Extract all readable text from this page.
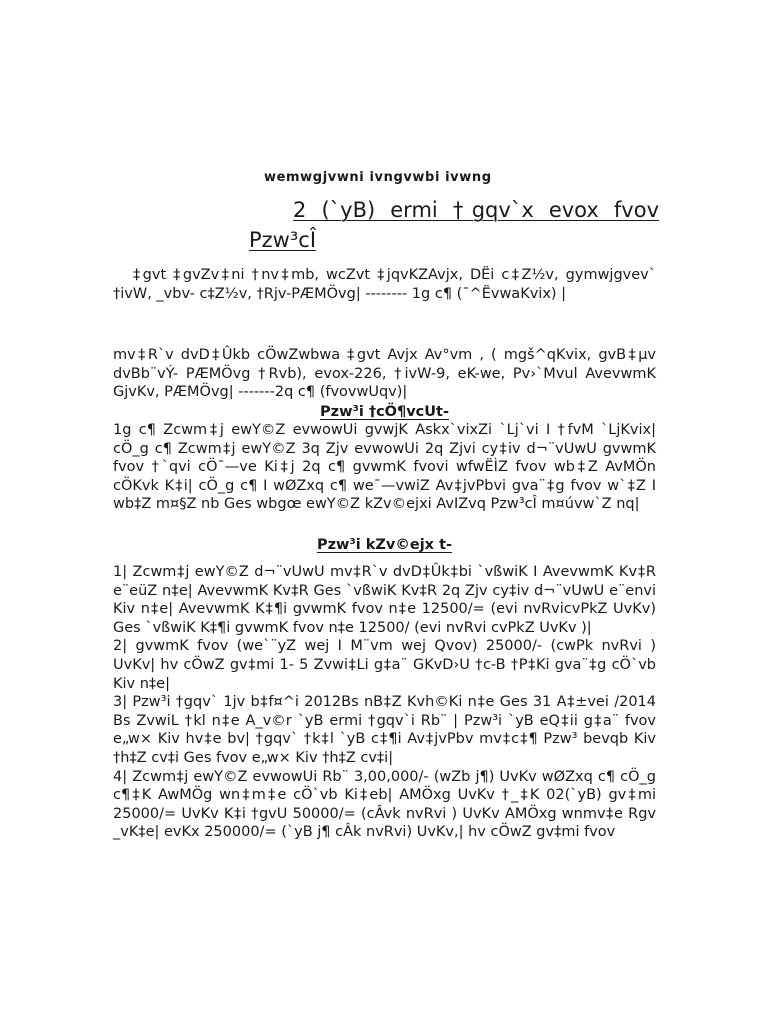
wemwgjvwni ivngvwbi ivwng
2 (`yB) ermi †gqv`x evox fvov
Pzw³cÎ

‡gvt ‡gvZv‡ni †nv‡mb, wcZvt ‡jqvKZAvjx, DËi c‡Z½v, gymwjgvev` †ivW, _vbv- c‡Z½v, †Rjv-PÆMÖvg| -------- 1g c¶ (¯^ËvwaKvix) |

mv‡R`v dvD‡Ûkb cÖwZwbwa ‡gvt Avjx Av°vm , ( mgš^qKvix, gvB‡µv dvBb¨vÝ- PÆMÖvg †Rvb), evox-226, †ivW-9, eK-we, Pv›`Mvul AvevwmK GjvKv, PÆMÖvg| -------2q c¶ (fvovwUqv)|

Pzw³i †cÖ¶vcUt-

1g c¶ Zcwm‡j ewY©Z evwowUi gvwjK Askx`vixZi `Lj`vi I †fvM `LjKvix| cÖ_g c¶ Zcwm‡j ewY©Z 3q Zjv evwowUi 2q Zjvi cy‡iv d¬¨vUwU gvwmK fvov †`qvi cÖ¯—ve Ki‡j 2q c¶ gvwmK fvovi wfwËÌZ fvov wb‡Z AvMÖn cÖKvk K‡i| cÖ_g c¶ I wØZxq c¶ we¯—vwiZ Av‡jvPbvi gva¨‡g fvov w`‡Z I wb‡Z m¤§Z nb Ges wbgœ ewY©Z kZv©ejxi AvIZvq Pzw³cÎ m¤úvw`Z nq|

Pzw³i kZv©ejx t-

1| Zcwm‡j ewY©Z d¬¨vUwU mv‡R`v dvD‡Ûk‡bi `vßwiK I AvevwmK Kv‡R e¨eüZ n‡e| AvevwmK Kv‡R Ges `vßwiK Kv‡R 2q Zjv cy‡iv d¬¨vUwU e¨envi Kiv n‡e| AvevwmK K‡¶i gvwmK fvov n‡e 12500/= (evi nvRvicvPkZ UvKv) Ges `vßwiK K‡¶i gvwmK fvov n‡e 12500/ (evi nvRvi cvPkZ UvKv )|

2| gvwmK fvov (we`¨yZ wej I M¨vm wej Qvov) 25000/- (cwPk nvRvi ) UvKv| hv cÖwZ gv‡mi 1- 5 Zvwi‡Li g‡a¨ GKvD›U †c-B †P‡Ki gva¨‡g cÖ`vb Kiv n‡e|

3| Pzw³i †gqv` 1jv b‡f¤^i 2012Bs nB‡Z Kvh©Ki n‡e Ges 31 A‡±vei /2014 Bs ZvwiL †kl n‡e A_v©r `yB ermi †gqv`i Rb¨ | Pzw³i `yB eQ‡ii g‡a¨ fvov e„w× Kiv hv‡e bv| †gqv` †k‡l `yB c‡¶i Av‡jvPbv mv‡c‡¶ Pzw³ bevqb Kiv †h‡Z cv‡i Ges fvov e„w× Kiv †h‡Z cv‡i|

4| Zcwm‡j ewY©Z evwowUi Rb¨ 3,00,000/- (wZb j¶) UvKv wØZxq c¶ cÖ_g c¶‡K AwMÖg wn‡m‡e cÖ`vb Ki‡eb| AMÖxg UvKv †_‡K 02(`yB) gv‡mi 25000/= UvKv K‡i †gvU 50000/= (cÂvk nvRvi ) UvKv AMÖxg wnmv‡e Rgv _vK‡e| evKx 250000/= (`yB j¶ cÂk nvRvi) UvKv,| hv cÖwZ gv‡mi fvov
